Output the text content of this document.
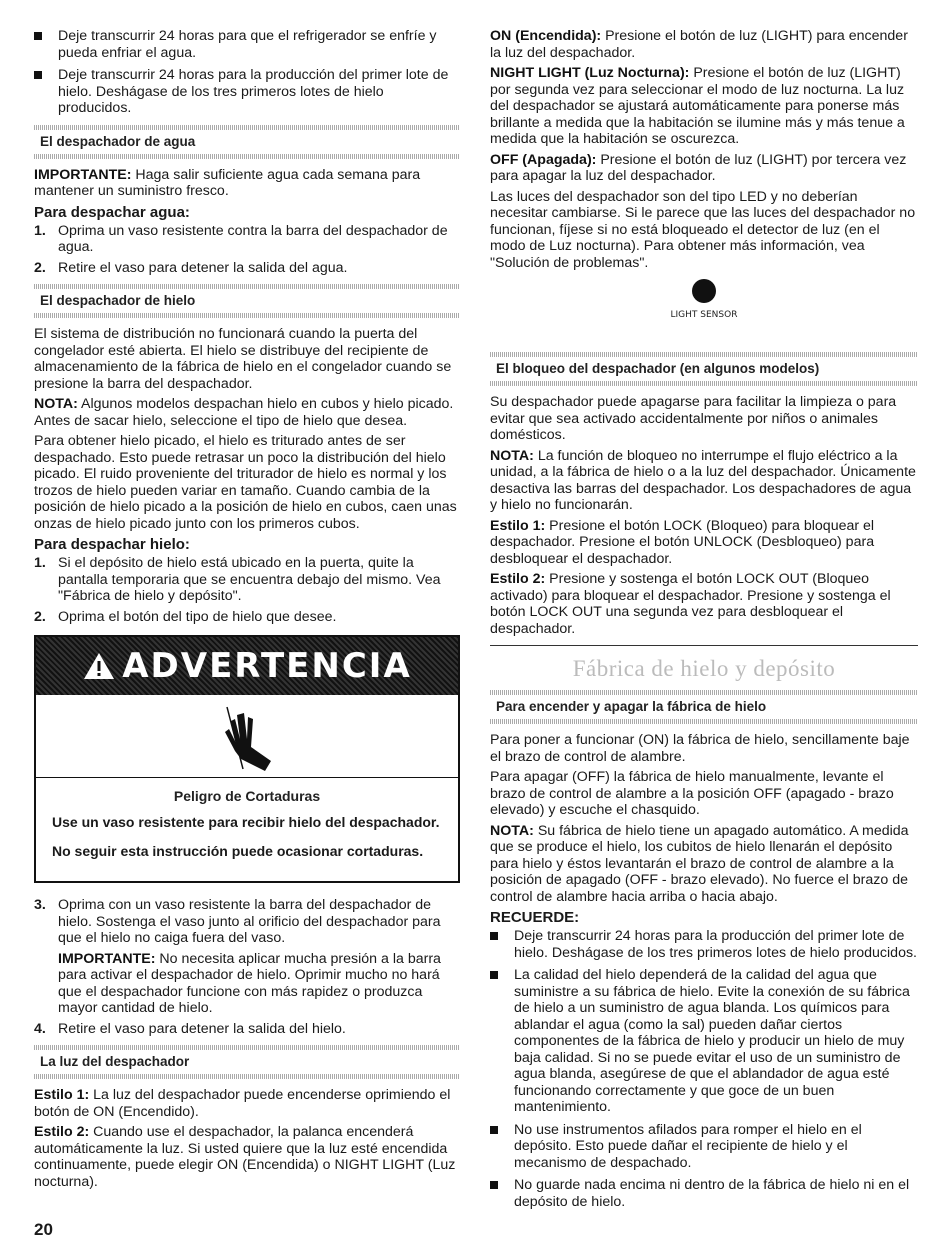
Deje transcurrir 24 horas para que el refrigerador se enfríe y pueda enfriar el agua.
Deje transcurrir 24 horas para la producción del primer lote de hielo. Deshágase de los tres primeros lotes de hielo producidos.
El despachador de agua

IMPORTANTE: Haga salir suficiente agua cada semana para mantener un suministro fresco.

Para despachar agua:
1. Oprima un vaso resistente contra la barra del despachador de agua.
2. Retire el vaso para detener la salida del agua.
El despachador de hielo

El sistema de distribución no funcionará cuando la puerta del congelador esté abierta. El hielo se distribuye del recipiente de almacenamiento de la fábrica de hielo en el congelador cuando se presione la barra del despachador.

NOTA: Algunos modelos despachan hielo en cubos y hielo picado. Antes de sacar hielo, seleccione el tipo de hielo que desea.

Para obtener hielo picado, el hielo es triturado antes de ser despachado. Esto puede retrasar un poco la distribución del hielo picado. El ruido proveniente del triturador de hielo es normal y los trozos de hielo pueden variar en tamaño. Cuando cambia de la posición de hielo picado a la posición de hielo en cubos, caen unas onzas de hielo picado junto con los primeros cubos.

Para despachar hielo:
1. Si el depósito de hielo está ubicado en la puerta, quite la pantalla temporaria que se encuentra debajo del mismo. Vea "Fábrica de hielo y depósito".
2. Oprima el botón del tipo de hielo que desee.
ADVERTENCIA
Peligro de Cortaduras

Use un vaso resistente para recibir hielo del despachador.

No seguir esta instrucción puede ocasionar cortaduras.

3. Oprima con un vaso resistente la barra del despachador de hielo. Sostenga el vaso junto al orificio del despachador para que el hielo no caiga fuera del vaso.

IMPORTANTE: No necesita aplicar mucha presión a la barra para activar el despachador de hielo. Oprimir mucho no hará que el despachador funcione con más rapidez o produzca mayor cantidad de hielo.

4. Retire el vaso para detener la salida del hielo.
La luz del despachador

Estilo 1: La luz del despachador puede encenderse oprimiendo el botón de ON (Encendido).

Estilo 2: Cuando use el despachador, la palanca encenderá automáticamente la luz. Si usted quiere que la luz esté encendida continuamente, puede elegir ON (Encendida) o NIGHT LIGHT (Luz nocturna).

ON (Encendida): Presione el botón de luz (LIGHT) para encender la luz del despachador.

NIGHT LIGHT (Luz Nocturna): Presione el botón de luz (LIGHT) por segunda vez para seleccionar el modo de luz nocturna. La luz del despachador se ajustará automáticamente para ponerse más brillante a medida que la habitación se ilumine más y más tenue a medida que la habitación se oscurezca.

OFF (Apagada): Presione el botón de luz (LIGHT) por tercera vez para apagar la luz del despachador.

Las luces del despachador son del tipo LED y no deberían necesitar cambiarse. Si le parece que las luces del despachador no funcionan, fíjese si no está bloqueado el detector de luz (en el modo de Luz nocturna). Para obtener más información, vea "Solución de problemas".

LIGHT SENSOR
El bloqueo del despachador (en algunos modelos)

Su despachador puede apagarse para facilitar la limpieza o para evitar que sea activado accidentalmente por niños o animales domésticos.

NOTA: La función de bloqueo no interrumpe el flujo eléctrico a la unidad, a la fábrica de hielo o a la luz del despachador. Únicamente desactiva las barras del despachador. Los despachadores de agua y hielo no funcionarán.

Estilo 1: Presione el botón LOCK (Bloqueo) para bloquear el despachador. Presione el botón UNLOCK (Desbloqueo) para desbloquear el despachador.

Estilo 2: Presione y sostenga el botón LOCK OUT (Bloqueo activado) para bloquear el despachador. Presione y sostenga el botón LOCK OUT una segunda vez para desbloquear el despachador.

Fábrica de hielo y depósito
Para encender y apagar la fábrica de hielo

Para poner a funcionar (ON) la fábrica de hielo, sencillamente baje el brazo de control de alambre.

Para apagar (OFF) la fábrica de hielo manualmente, levante el brazo de control de alambre a la posición OFF (apagado - brazo elevado) y escuche el chasquido.

NOTA: Su fábrica de hielo tiene un apagado automático. A medida que se produce el hielo, los cubitos de hielo llenarán el depósito para hielo y éstos levantarán el brazo de control de alambre a la posición de apagado (OFF - brazo elevado). No fuerce el brazo de control de alambre hacia arriba o hacia abajo.

RECUERDE:
Deje transcurrir 24 horas para la producción del primer lote de hielo. Deshágase de los tres primeros lotes de hielo producidos.
La calidad del hielo dependerá de la calidad del agua que suministre a su fábrica de hielo. Evite la conexión de su fábrica de hielo a un suministro de agua blanda. Los químicos para ablandar el agua (como la sal) pueden dañar ciertos componentes de la fábrica de hielo y producir un hielo de muy baja calidad. Si no se puede evitar el uso de un suministro de agua blanda, asegúrese de que el ablandador de agua esté funcionando correctamente y que goce de un buen mantenimiento.
No use instrumentos afilados para romper el hielo en el depósito. Esto puede dañar el recipiente de hielo y el mecanismo de despachado.
No guarde nada encima ni dentro de la fábrica de hielo ni en el depósito de hielo.
20
